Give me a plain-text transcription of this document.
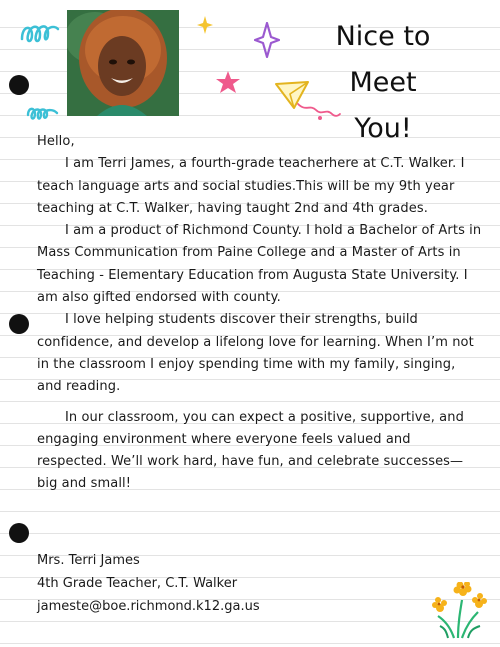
Nice to
Meet
You!

Hello,

I am Terri James, a fourth-grade teacherhere at C.T. Walker. I teach language arts and social studies.This will be my 9th year teaching at C.T. Walker, having taught 2nd and 4th grades.

I am a product of Richmond County. I hold a Bachelor of Arts in Mass Communication from Paine College and a Master of Arts in Teaching - Elementary Education from Augusta State University. I am also gifted endorsed with county.

I love helping students discover their strengths, build confidence, and develop a lifelong love for learning. When I’m not in the classroom I enjoy spending time with my family, singing, and reading.

In our classroom, you can expect a positive, supportive, and engaging environment where everyone feels valued and respected. We’ll work hard, have fun, and celebrate successes—big and small!

Mrs. Terri James
4th Grade Teacher, C.T. Walker
jameste@boe.richmond.k12.ga.us
